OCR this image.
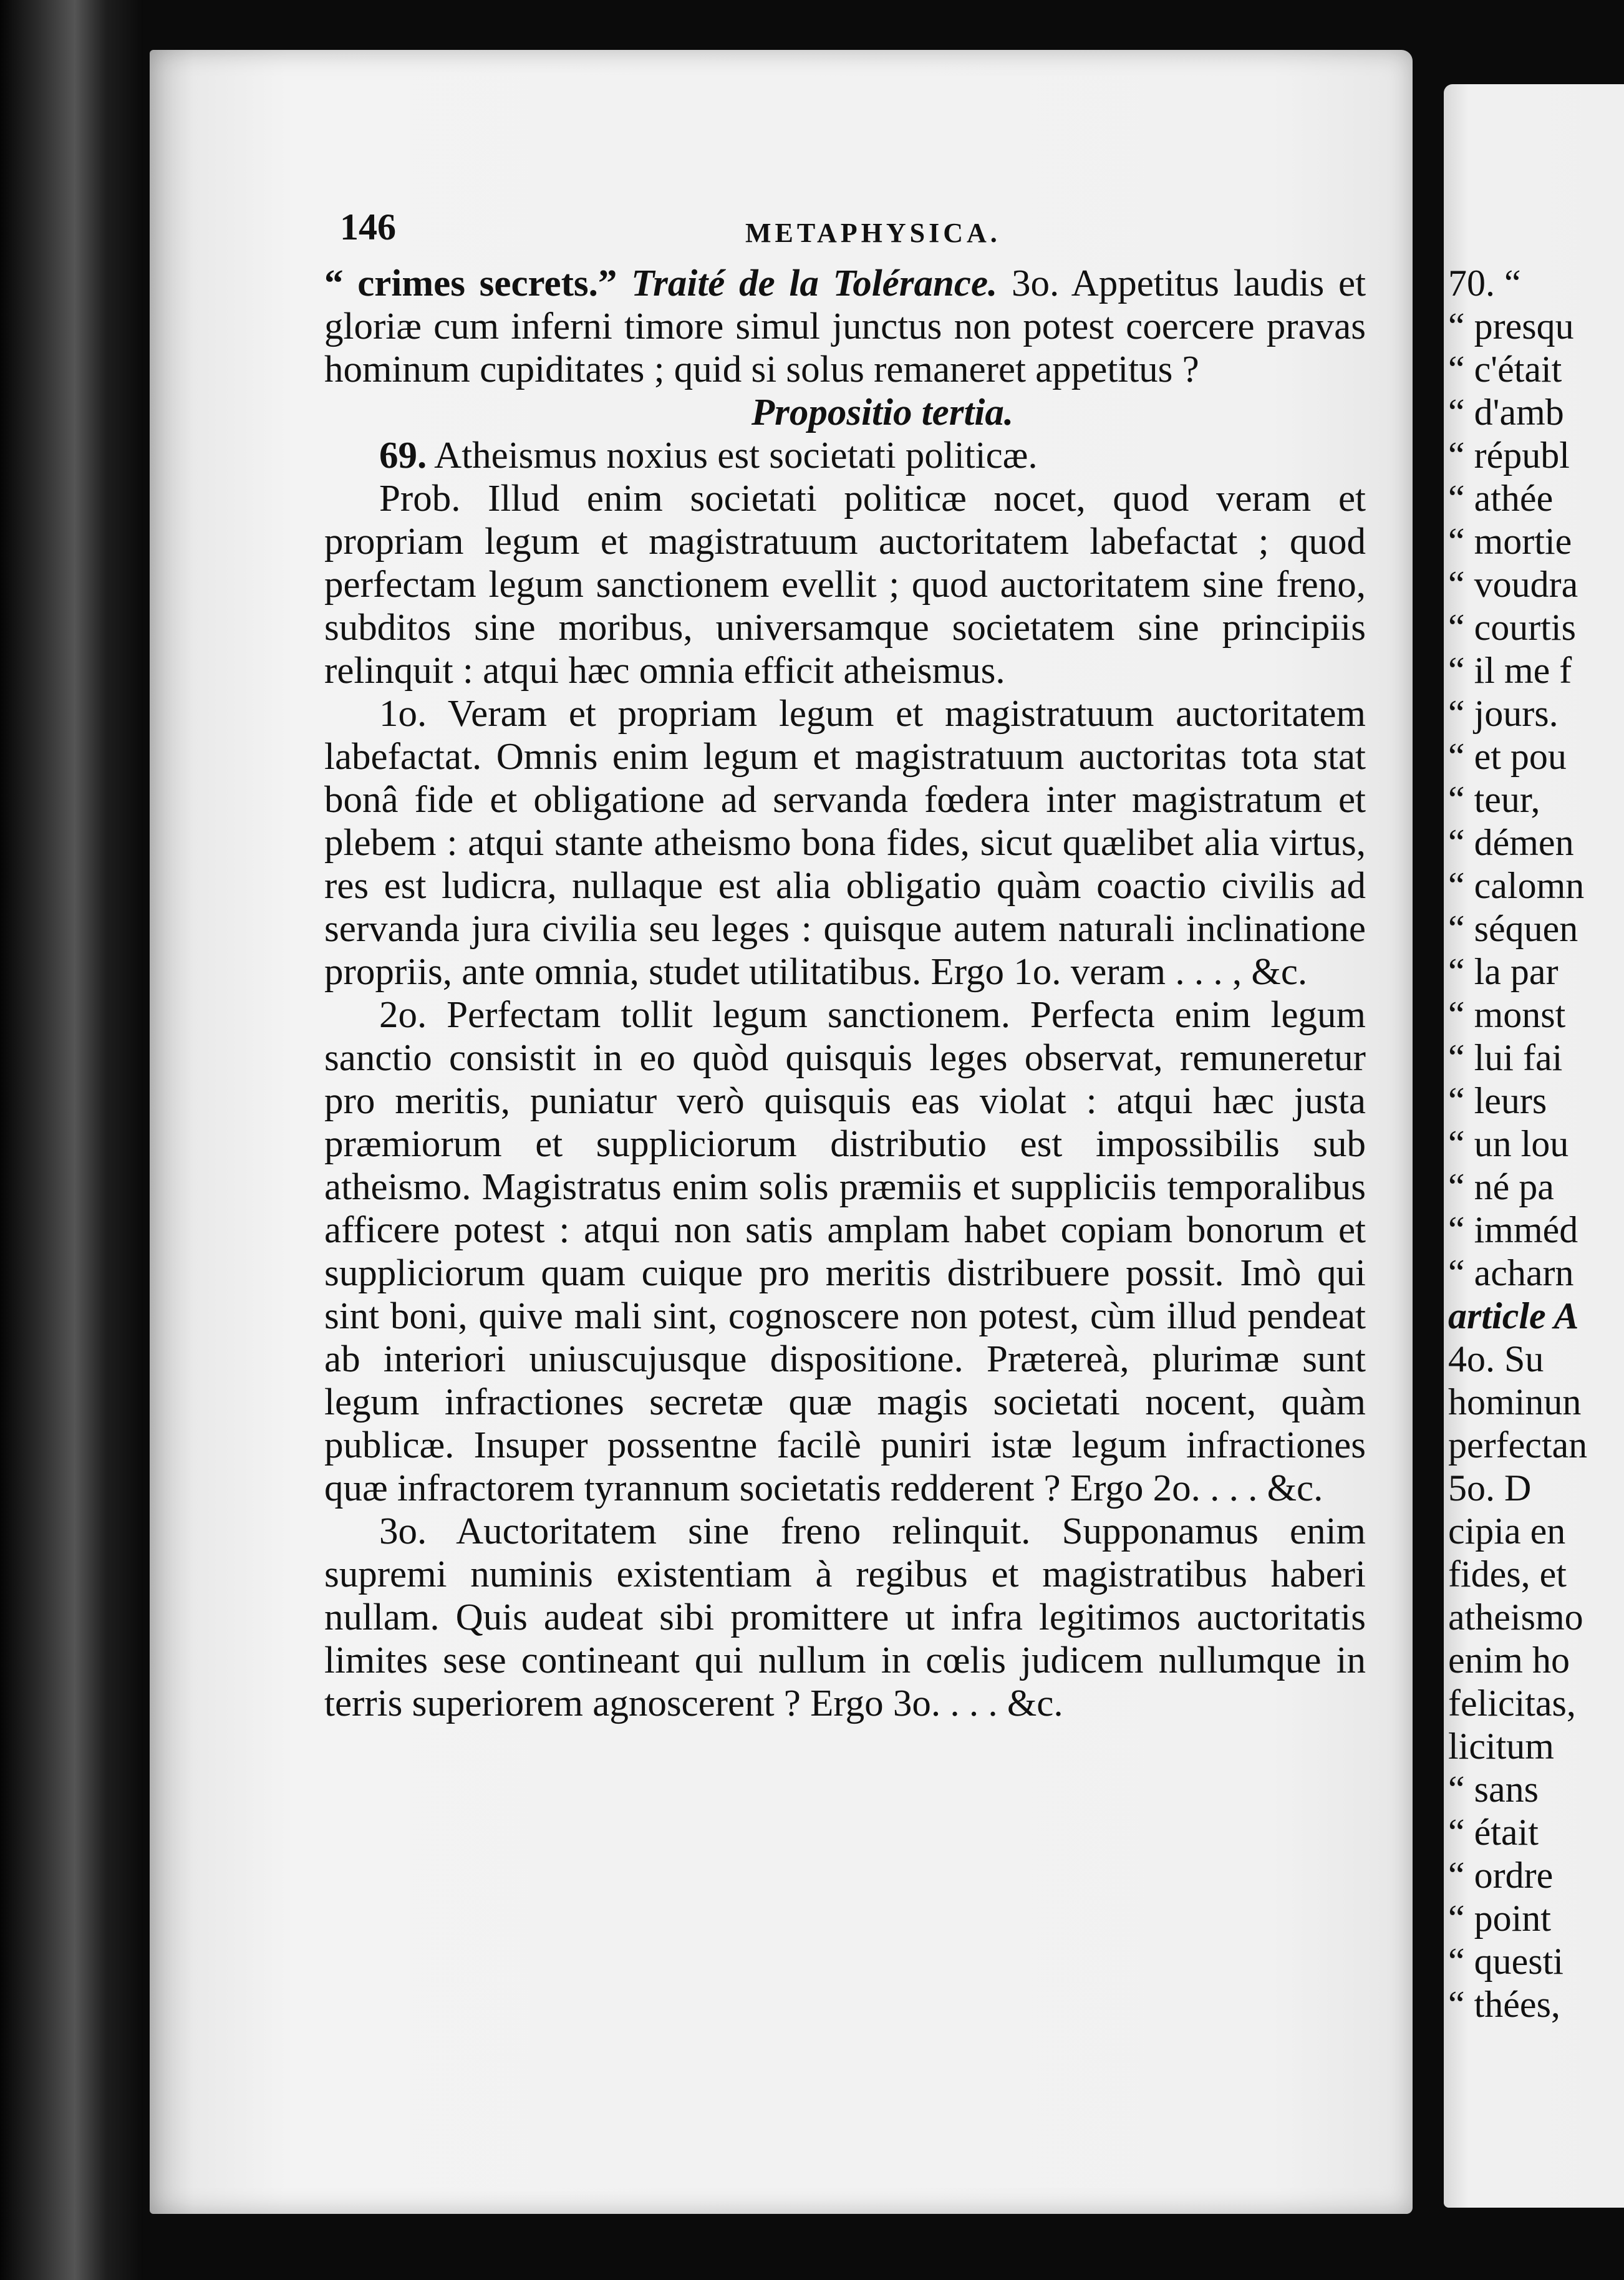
146	METAPHYSICA.

“ crimes secrets.” Traité de la Tolérance. 3o. Appetitus laudis et gloriæ cum inferni timore simul junctus non potest coercere pravas hominum cupiditates ; quid si solus remaneret appetitus ?

Propositio tertia.

69. Atheismus noxius est societati politicæ.

Prob. Illud enim societati politicæ nocet, quod veram et propriam legum et magistratuum auctoritatem labefactat ; quod perfectam legum sanctionem evellit ; quod auctoritatem sine freno, subditos sine moribus, universamque societatem sine principiis relinquit : atqui hæc omnia efficit atheismus.

1o. Veram et propriam legum et magistratuum auctoritatem labefactat. Omnis enim legum et magistratuum auctoritas tota stat bonâ fide et obligatione ad servanda fœdera inter magistratum et plebem : atqui stante atheismo bona fides, sicut quælibet alia virtus, res est ludicra, nullaque est alia obligatio quàm coactio civilis ad servanda jura civilia seu leges : quisque autem naturali inclinatione propriis, ante omnia, studet utilitatibus. Ergo 1o. veram . . . , &c.

2o. Perfectam tollit legum sanctionem. Perfecta enim legum sanctio consistit in eo quòd quisquis leges observat, remuneretur pro meritis, puniatur verò quisquis eas violat : atqui hæc justa præmiorum et suppliciorum distributio est impossibilis sub atheismo. Magistratus enim solis præmiis et suppliciis temporalibus afficere potest : atqui non satis amplam habet copiam bonorum et suppliciorum quam cuique pro meritis distribuere possit. Imò qui sint boni, quive mali sint, cognoscere non potest, cùm illud pendeat ab interiori uniuscujusque dispositione. Præterеà, plurimæ sunt legum infractiones secretæ quæ magis societati nocent, quàm publicæ. Insuper possentne facilè puniri istæ legum infractiones quæ infractorem tyrannum societatis redderent ? Ergo 2o. . . . &c.

3o. Auctoritatem sine freno relinquit. Supponamus enim supremi numinis existentiam à regibus et magistratibus haberi nullam. Quis audeat sibi promittere ut infra legitimos auctoritatis limites sese contineant qui nullum in cœlis judicem nullumque in terris superiorem agnoscerent ? Ergo 3o. . . . &c.

70. “
“ presqu
“ c'était
“ d'amb
“ républ
“ athée
“ mortie
“ voudra
“ courtis
“ il me f
“ jours.
“ et pou
“ teur,
“ démen
“ calomn
“ séquen
“ la par
“ monst
“ lui fai
“ leurs
“ un lou
“ né pa
“ imméd
“ acharn
article A
4o. Su
hominun
perfectan
5o. D
cipia en
fides, et
atheismo
enim ho
felicitas,
licitum
“ sans
“ était
“ ordre
“ point
“ questi
“ thées,
